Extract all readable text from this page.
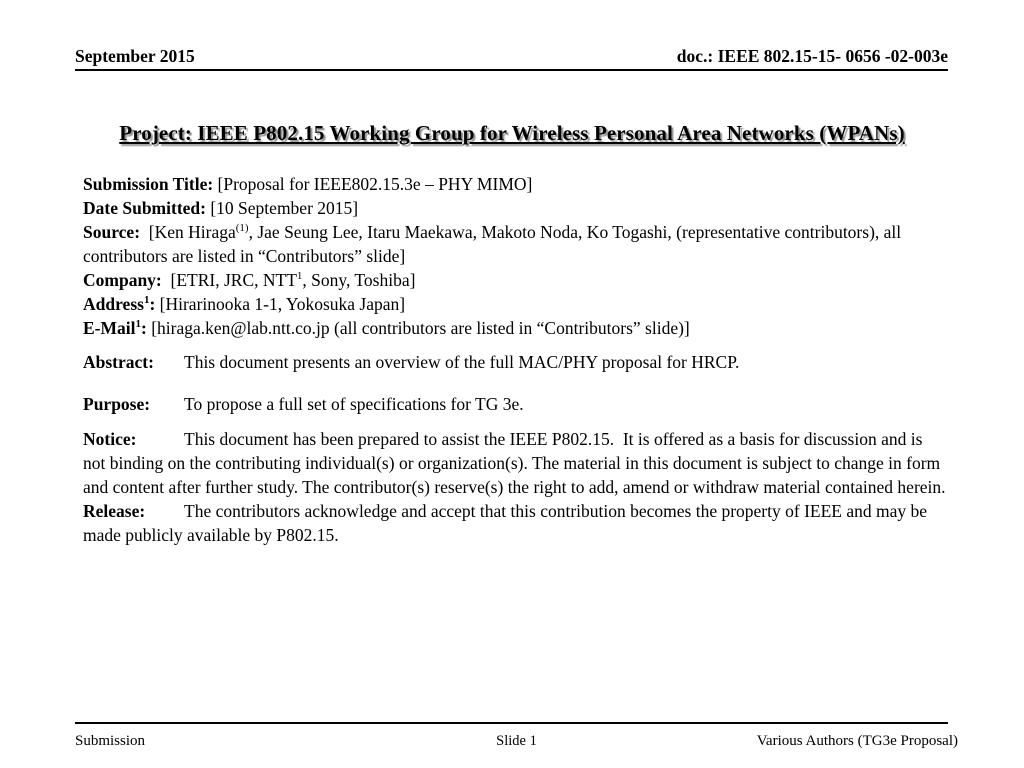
September 2015	doc.: IEEE 802.15-15- 0656 -02-003e
Project: IEEE P802.15 Working Group for Wireless Personal Area Networks (WPANs)

Submission Title: [Proposal for IEEE802.15.3e – PHY MIMO]

Date Submitted: [10 September 2015]

Source:  [Ken Hiraga$^{(1)}$, Jae Seung Lee, Itaru Maekawa, Makoto Noda, Ko Togashi, (representative contributors), all contributors are listed in “Contributors” slide]

Company:  [ETRI, JRC, NTT$^1$, Sony, Toshiba]

Address$^1$: [Hirarinooka 1-1, Yokosuka Japan]

E-Mail$^1$: [hiraga.ken@lab.ntt.co.jp (all contributors are listed in “Contributors” slide)]

Abstract: This document presents an overview of the full MAC/PHY proposal for HRCP.

Purpose: To propose a full set of specifications for TG 3e.

Notice:	This document has been prepared to assist the IEEE P802.15.  It is offered as a basis for discussion and is not binding on the contributing individual(s) or organization(s). The material in this document is subject to change in form and content after further study. The contributor(s) reserve(s) the right to add, amend or withdraw material contained herein.

Release: The contributors acknowledge and accept that this contribution becomes the property of IEEE and may be made publicly available by P802.15.

Submission	Slide 1	Various Authors (TG3e Proposal)
